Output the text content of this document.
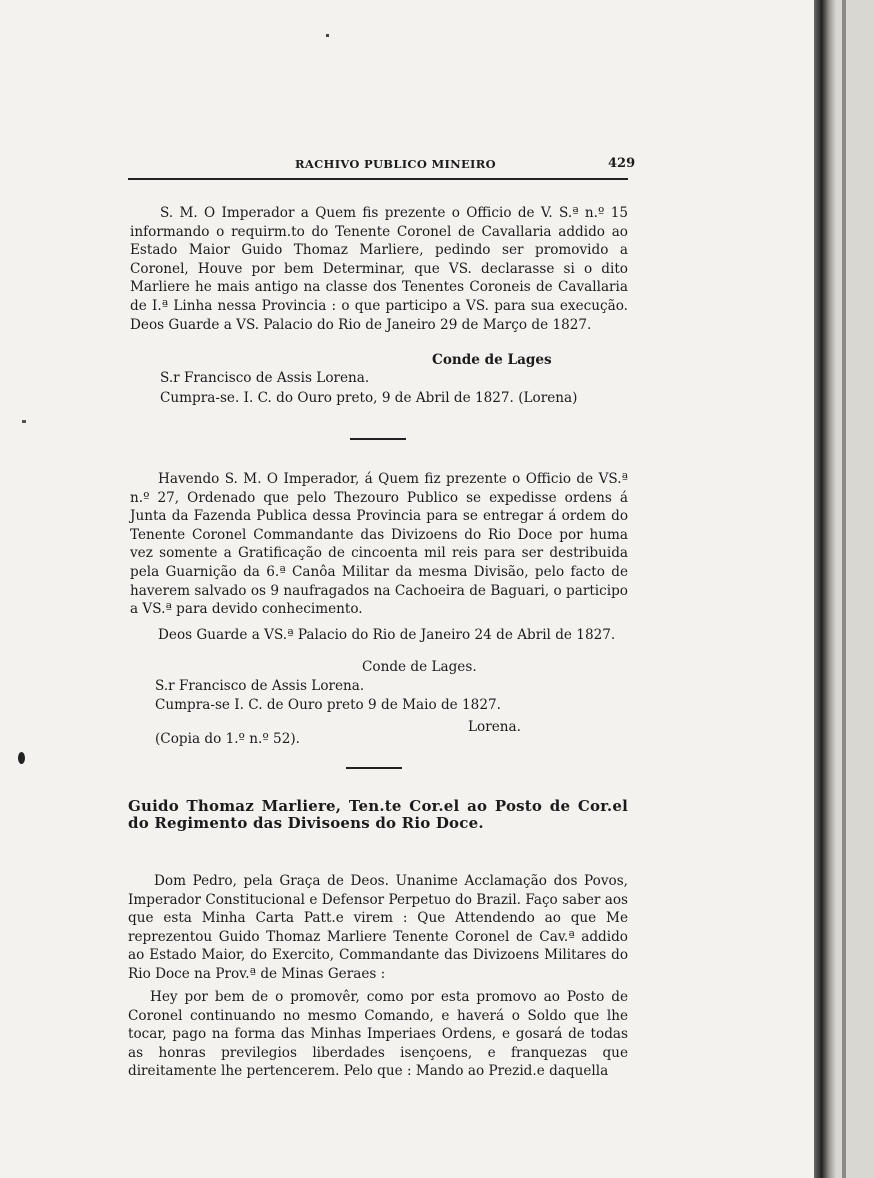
RACHIVO PUBLICO MINEIRO	429

S. M. O Imperador a Quem fis prezente o Officio de V. S.ª n.º 15 informando o requirm.to do Tenente Coronel de Cavallaria addido ao Estado Maior Guido Thomaz Marliere, pedindo ser promovido a Coronel, Houve por bem Determinar, que VS. declarasse si o dito Marliere he mais antigo na classe dos Tenentes Coroneis de Cavallaria de I.ª Linha nessa Provincia : o que participo a VS. para sua execução. Deos Guarde a VS. Palacio do Rio de Janeiro 29 de Março de 1827.

Conde de Lages

S.r Francisco de Assis Lorena.

Cumpra-se. I. C. do Ouro preto, 9 de Abril de 1827. (Lorena)

Havendo S. M. O Imperador, á Quem fiz prezente o Officio de VS.ª n.º 27, Ordenado que pelo Thezouro Publico se expedisse ordens á Junta da Fazenda Publica dessa Provincia para se entregar á ordem do Tenente Coronel Commandante das Divizoens do Rio Doce por huma vez somente a Gratificação de cincoenta mil reis para ser destribuida pela Guarnição da 6.ª Canôa Militar da mesma Divisão, pelo facto de haverem salvado os 9 naufragados na Cachoeira de Baguari, o participo a VS.ª para devido conhecimento.

Deos Guarde a VS.ª Palacio do Rio de Janeiro 24 de Abril de 1827.

Conde de Lages.

S.r Francisco de Assis Lorena.

Cumpra-se I. C. de Ouro preto 9 de Maio de 1827.

Lorena.

(Copia do 1.º n.º 52).

Guido Thomaz Marliere, Ten.te Cor.el ao Posto de Cor.el do Regimento das Divisoens do Rio Doce.

Dom Pedro, pela Graça de Deos. Unanime Acclamação dos Povos, Imperador Constitucional e Defensor Perpetuo do Brazil. Faço saber aos que esta Minha Carta Patt.e virem : Que Attendendo ao que Me reprezentou Guido Thomaz Marliere Tenente Coronel de Cav.ª addido ao Estado Maior, do Exercito, Commandante das Divizoens Militares do Rio Doce na Prov.ª de Minas Geraes :

Hey por bem de o promovêr, como por esta promovo ao Posto de Coronel continuando no mesmo Comando, e haverá o Soldo que lhe tocar, pago na forma das Minhas Imperiaes Ordens, e gosará de todas as honras previlegios liberdades isençoens, e franquezas que direitamente lhe pertencerem. Pelo que : Mando ao Prezid.e daquella
